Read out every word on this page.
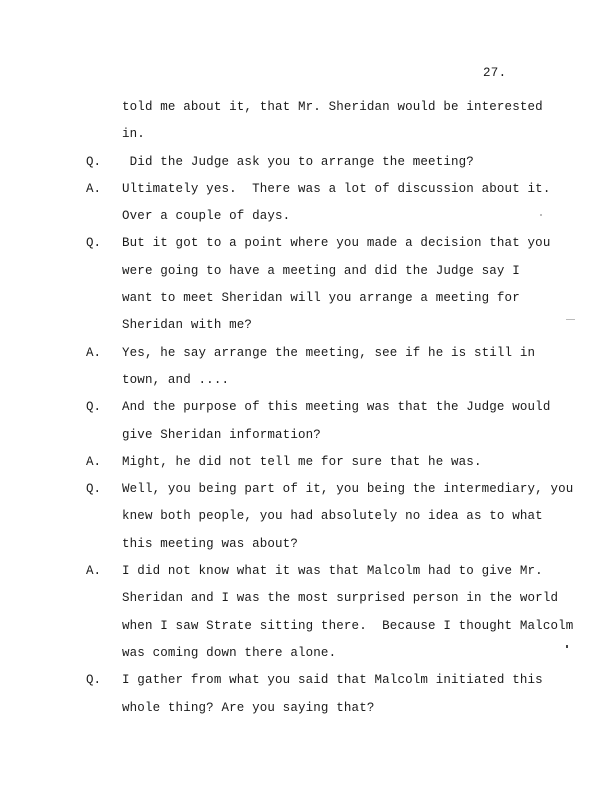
27.
told me about it, that Mr. Sheridan would be interested
in.
Q. Did the Judge ask you to arrange the meeting?
A. Ultimately yes.  There was a lot of discussion about it.
Over a couple of days.
Q. But it got to a point where you made a decision that you
were going to have a meeting and did the Judge say I
want to meet Sheridan will you arrange a meeting for
Sheridan with me?
A. Yes, he say arrange the meeting, see if he is still in
town, and ....
Q. And the purpose of this meeting was that the Judge would
give Sheridan information?
A. Might, he did not tell me for sure that he was.
Q. Well, you being part of it, you being the intermediary, you
knew both people, you had absolutely no idea as to what
this meeting was about?
A. I did not know what it was that Malcolm had to give Mr.
Sheridan and I was the most surprised person in the world
when I saw Strate sitting there.  Because I thought Malcolm
was coming down there alone.
Q. I gather from what you said that Malcolm initiated this
whole thing? Are you saying that?
